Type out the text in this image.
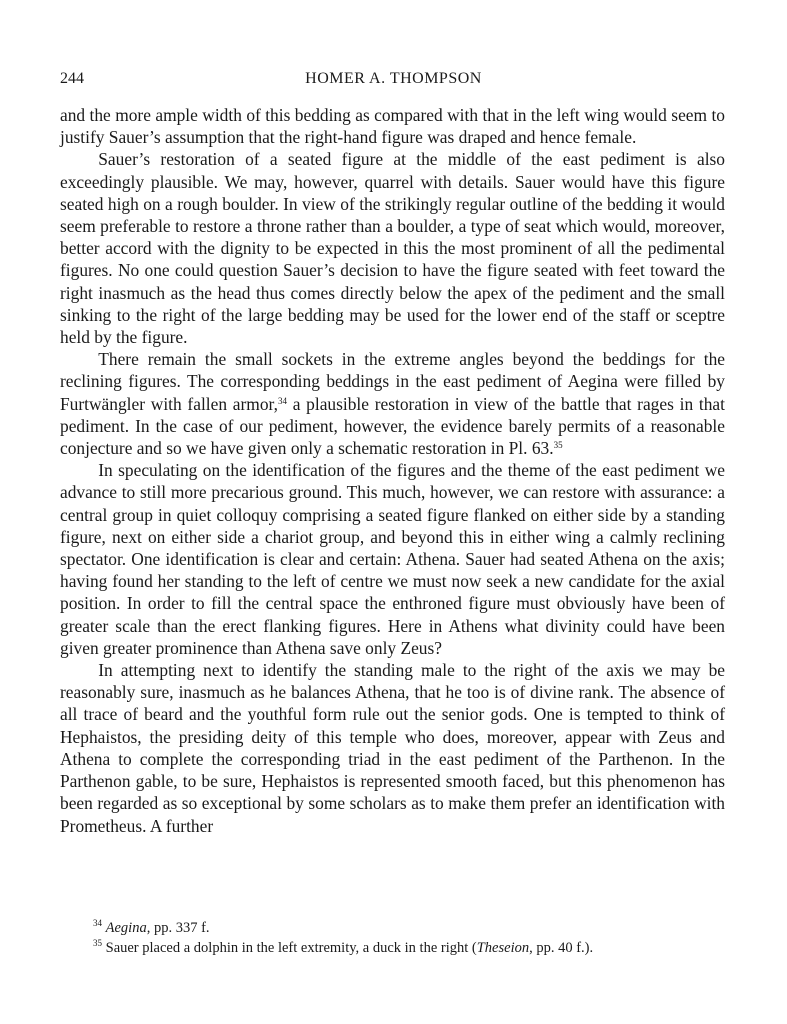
244	HOMER A. THOMPSON

and the more ample width of this bedding as compared with that in the left wing would seem to justify Sauer’s assumption that the right-hand figure was draped and hence female.

Sauer’s restoration of a seated figure at the middle of the east pediment is also exceedingly plausible. We may, however, quarrel with details. Sauer would have this figure seated high on a rough boulder. In view of the strikingly regular outline of the bedding it would seem preferable to restore a throne rather than a boulder, a type of seat which would, moreover, better accord with the dignity to be expected in this the most prominent of all the pedimental figures. No one could question Sauer’s decision to have the figure seated with feet toward the right inasmuch as the head thus comes directly below the apex of the pediment and the small sinking to the right of the large bedding may be used for the lower end of the staff or sceptre held by the figure.

There remain the small sockets in the extreme angles beyond the beddings for the reclining figures. The corresponding beddings in the east pediment of Aegina were filled by Furtwängler with fallen armor,$^{34}$ a plausible restoration in view of the battle that rages in that pediment. In the case of our pediment, however, the evidence barely permits of a reasonable conjecture and so we have given only a schematic restoration in Pl. 63.35

In speculating on the identification of the figures and the theme of the east pediment we advance to still more precarious ground. This much, however, we can restore with assurance: a central group in quiet colloquy comprising a seated figure flanked on either side by a standing figure, next on either side a chariot group, and beyond this in either wing a calmly reclining spectator. One identification is clear and certain: Athena. Sauer had seated Athena on the axis; having found her standing to the left of centre we must now seek a new candidate for the axial position. In order to fill the central space the enthroned figure must obviously have been of greater scale than the erect flanking figures. Here in Athens what divinity could have been given greater prominence than Athena save only Zeus?

In attempting next to identify the standing male to the right of the axis we may be reasonably sure, inasmuch as he balances Athena, that he too is of divine rank. The absence of all trace of beard and the youthful form rule out the senior gods. One is tempted to think of Hephaistos, the presiding deity of this temple who does, moreover, appear with Zeus and Athena to complete the corresponding triad in the east pediment of the Parthenon. In the Parthenon gable, to be sure, Hephaistos is represented smooth faced, but this phenomenon has been regarded as so exceptional by some scholars as to make them prefer an identification with Prometheus. A further

$^{34}$ Aegina, pp. 337 f.
$^{35}$ Sauer placed a dolphin in the left extremity, a duck in the right (Theseion, pp. 40 f.).
